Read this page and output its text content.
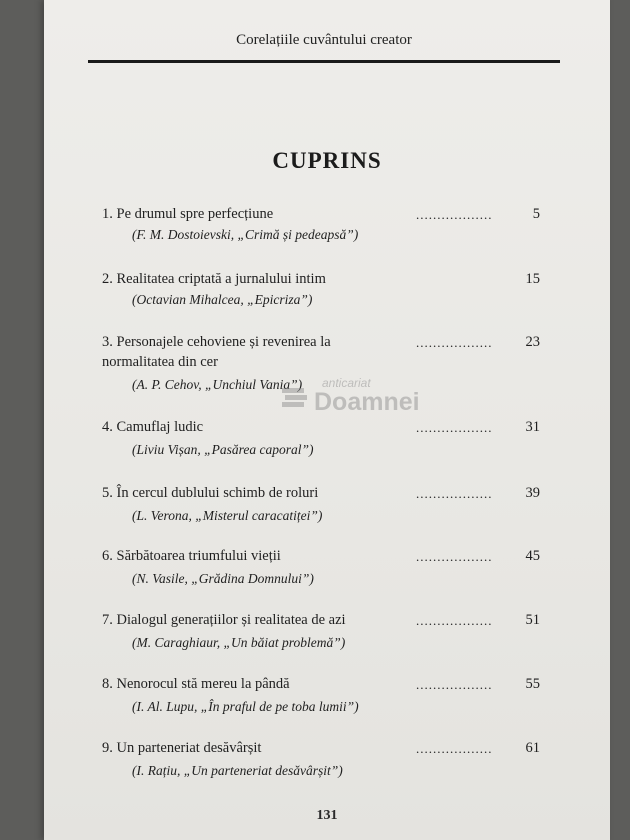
Corelațiile cuvântului creator
CUPRINS
1. Pe drumul spre perfecțiune	..................	5
(F. M. Dostoievski, „Crimă și pedeapsă”)
2. Realitatea criptată a jurnalului intim	15
(Octavian Mihalcea, „Epicriza”)
3. Personajele cehoviene și revenirea la
normalitatea din cer
.................. 23
(A. P. Cehov, „Unchiul Vania”)
4. Camuflaj ludic	.................. 31
(Liviu Vișan, „Pasărea caporal”)
5. În cercul dublului schimb de roluri	.................. 39
(L. Verona, „Misterul caracatiței”)
6. Sărbătoarea triumfului vieții	.................. 45
(N. Vasile, „Grădina Domnului”)
7. Dialogul generațiilor și realitatea de azi	.................. 51
(M. Caraghiaur, „Un băiat problemă”)
8. Nenorocul stă mereu la pândă	.................. 55
(I. Al. Lupu, „În praful de pe toba lumii”)
9. Un parteneriat desăvârșit	.................. 61
(I. Rațiu, „Un parteneriat desăvârșit”)
anticariat
Doamnei
131
